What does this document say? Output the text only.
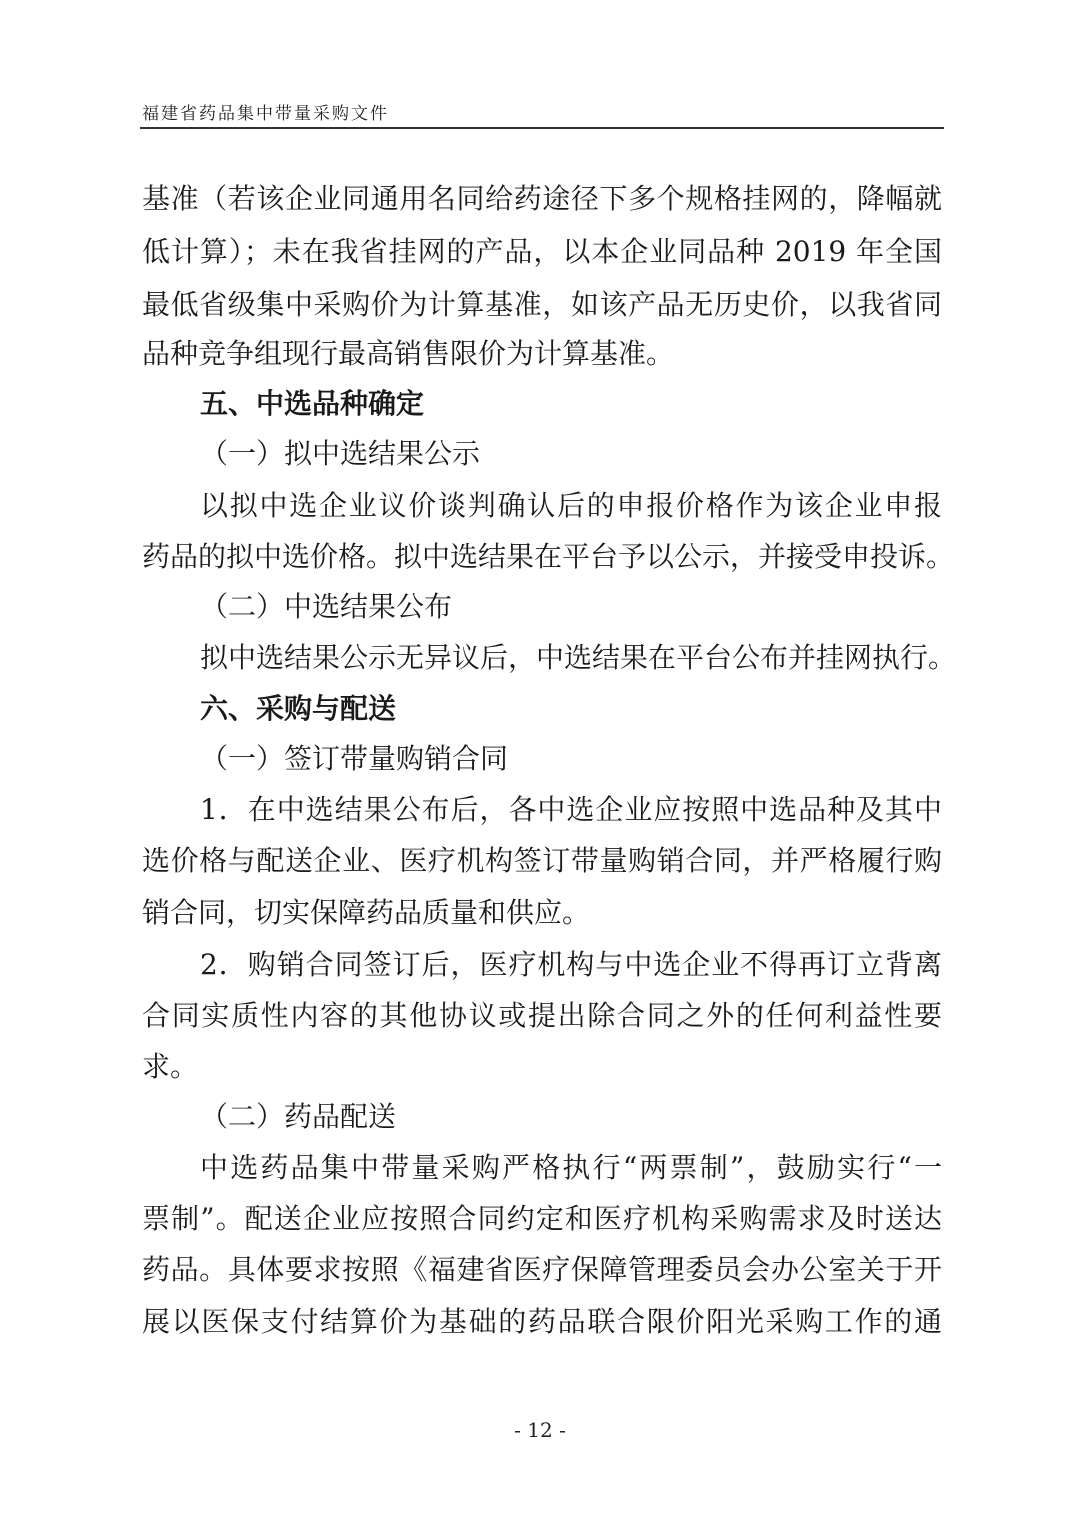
福建省药品集中带量采购文件
基准（若该企业同通用名同给药途径下多个规格挂网的，降幅就
低计算）；未在我省挂网的产品，以本企业同品种 2019 年全国
最低省级集中采购价为计算基准，如该产品无历史价，以我省同
品种竞争组现行最高销售限价为计算基准。
五、中选品种确定
（一）拟中选结果公示
以拟中选企业议价谈判确认后的申报价格作为该企业申报
药品的拟中选价格。拟中选结果在平台予以公示，并接受申投诉。
（二）中选结果公布
拟中选结果公示无异议后，中选结果在平台公布并挂网执行。
六、采购与配送
（一）签订带量购销合同
1．在中选结果公布后，各中选企业应按照中选品种及其中
选价格与配送企业、医疗机构签订带量购销合同，并严格履行购
销合同，切实保障药品质量和供应。
2．购销合同签订后，医疗机构与中选企业不得再订立背离
合同实质性内容的其他协议或提出除合同之外的任何利益性要
求。
（二）药品配送
中选药品集中带量采购严格执行“两票制”，鼓励实行“一
票制”。配送企业应按照合同约定和医疗机构采购需求及时送达
药品。具体要求按照《福建省医疗保障管理委员会办公室关于开
展以医保支付结算价为基础的药品联合限价阳光采购工作的通
- 12 -
